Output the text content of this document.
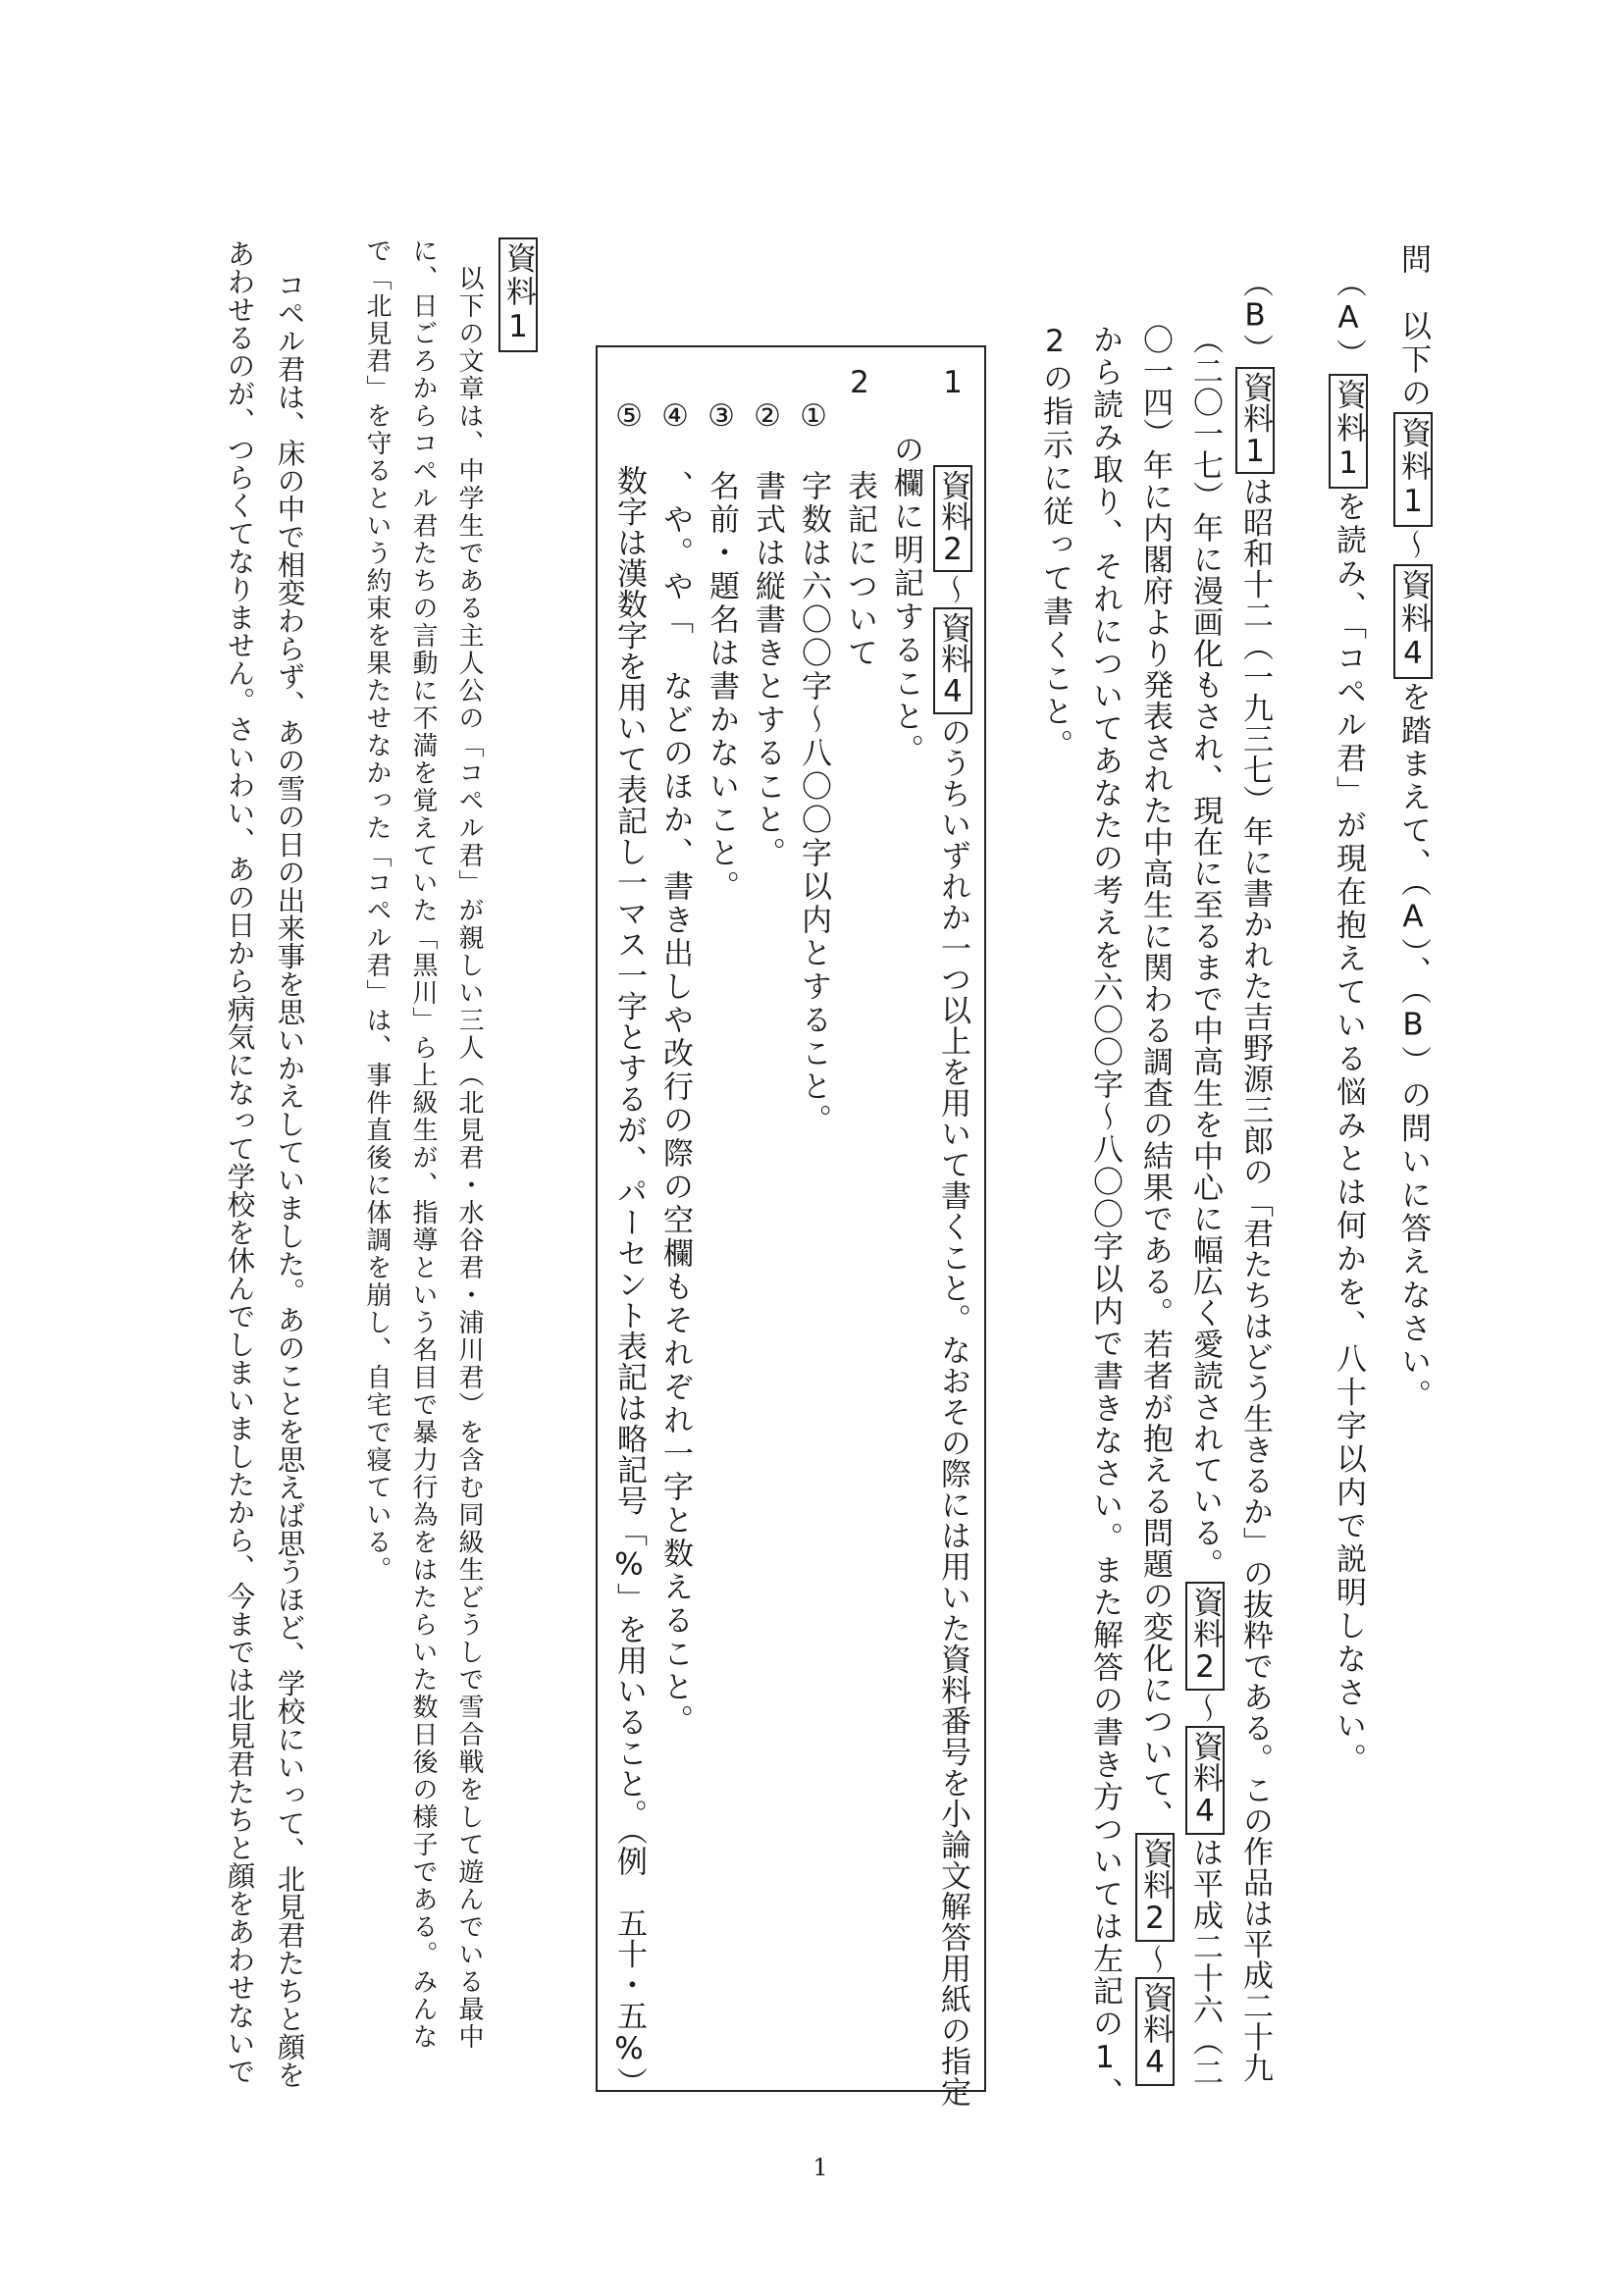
問　以下の資料1～資料4を踏まえて、（A）、（B）の問いに答えなさい。
（A）資料1を読み、「コペル君」が現在抱えている悩みとは何かを、八十字以内で説明しなさい。
（B）資料1は昭和十二（一九三七）年に書かれた吉野源三郎の「君たちはどう生きるか」の抜粋である。この作品は平成二十九
（二〇一七）年に漫画化もされ、現在に至るまで中高生を中心に幅広く愛読されている。資料2～資料4は平成二十六（二
〇一四）年に内閣府より発表された中高生に関わる調査の結果である。若者が抱える問題の変化について、資料2～資料4
から読み取り、それについてあなたの考えを六〇〇字～八〇〇字以内で書きなさい。また解答の書き方ついては左記の1、
2の指示に従って書くこと。
1　　資料2～資料4のうちいずれか一つ以上を用いて書くこと。なおその際には用いた資料番号を小論文解答用紙の指定
の欄に明記すること。
2　　表記について
①　字数は六〇〇字～八〇〇字以内とすること。
②　書式は縦書きとすること。
③　名前・題名は書かないこと。
④　、や。や「　などのほか、書き出しや改行の際の空欄もそれぞれ一字と数えること。
⑤　数字は漢数字を用いて表記し一マス一字とするが、パーセント表記は略記号「%」を用いること。（例　五十・五%）
資料1
以下の文章は、中学生である主人公の「コペル君」が親しい三人（北見君・水谷君・浦川君）を含む同級生どうしで雪合戦をして遊んでいる最中
に、日ごろからコペル君たちの言動に不満を覚えていた「黒川」ら上級生が、指導という名目で暴力行為をはたらいた数日後の様子である。みんな
で「北見君」を守るという約束を果たせなかった「コペル君」は、事件直後に体調を崩し、自宅で寝ている。
コペル君は、床の中で相変わらず、あの雪の日の出来事を思いかえしていました。あのことを思えば思うほど、学校にいって、北見君たちと顔を
あわせるのが、つらくてなりません。さいわい、あの日から病気になって学校を休んでしまいましたから、今までは北見君たちと顔をあわせないで
1
